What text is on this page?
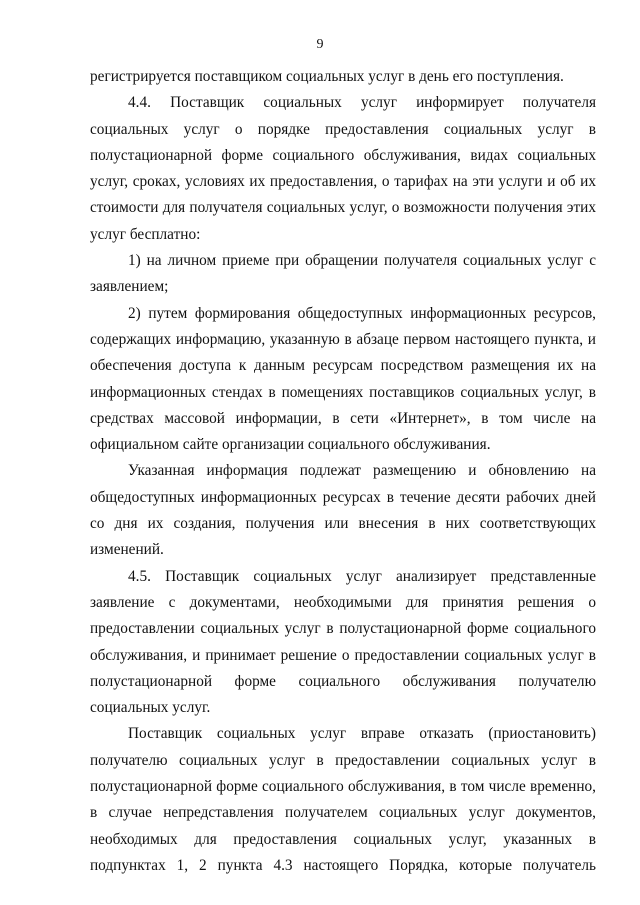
9

регистрируется поставщиком социальных услуг в день его поступления.

4.4. Поставщик социальных услуг информирует получателя социальных услуг о порядке предоставления социальных услуг в полустационарной форме социального обслуживания, видах социальных услуг, сроках, условиях их предоставления, о тарифах на эти услуги и об их стоимости для получателя социальных услуг, о возможности получения этих услуг бесплатно:

1) на личном приеме при обращении получателя социальных услуг с заявлением;

2) путем формирования общедоступных информационных ресурсов, содержащих информацию, указанную в абзаце первом настоящего пункта, и обеспечения доступа к данным ресурсам посредством размещения их на информационных стендах в помещениях поставщиков социальных услуг, в средствах массовой информации, в сети «Интернет», в том числе на официальном сайте организации социального обслуживания.

Указанная информация подлежат размещению и обновлению на общедоступных информационных ресурсах в течение десяти рабочих дней со дня их создания, получения или внесения в них соответствующих изменений.

4.5. Поставщик социальных услуг анализирует представленные заявление с документами, необходимыми для принятия решения о предоставлении социальных услуг в полустационарной форме социального обслуживания, и принимает решение о предоставлении социальных услуг в полустационарной форме социального обслуживания получателю социальных услуг.

Поставщик социальных услуг вправе отказать (приостановить) получателю социальных услуг в предоставлении социальных услуг в полустационарной форме социального обслуживания, в том числе временно, в случае непредставления получателем социальных услуг документов, необходимых для предоставления социальных услуг, указанных в подпунктах 1, 2 пункта 4.3 настоящего Порядка, которые получатель
